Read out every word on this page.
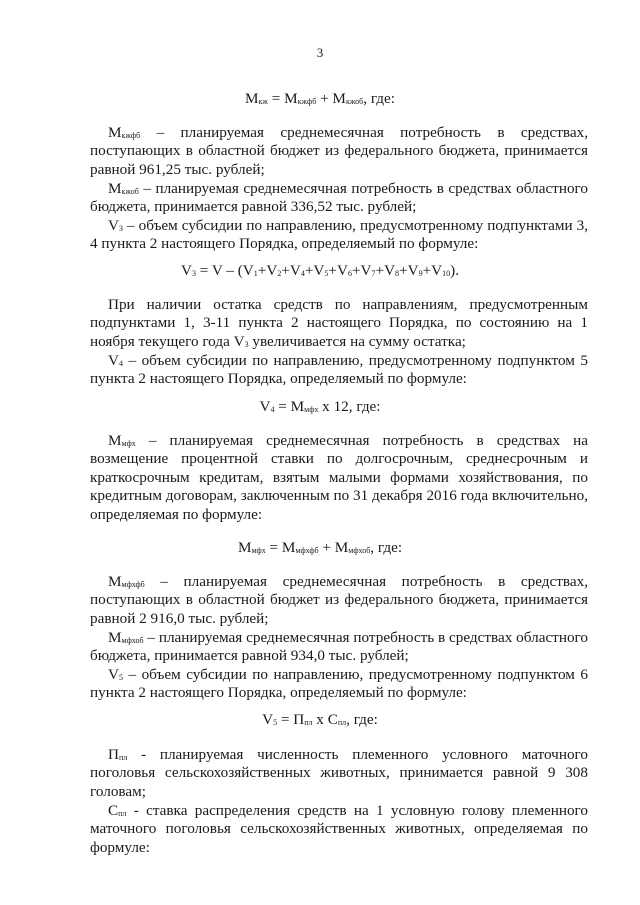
3
$М_{кж} = М_{кжфб} + М_{кжоб}$, где:
$М_{кжфб}$ – планируемая среднемесячная потребность в средствах, поступающих в областной бюджет из федерального бюджета, принимается равной 961,25 тыс. рублей;
$М_{кжоб}$ – планируемая среднемесячная потребность в средствах областного бюджета, принимается равной 336,52 тыс. рублей;
$V_3$ – объем субсидии по направлению, предусмотренному подпунктами 3, 4 пункта 2 настоящего Порядка, определяемый по формуле:
$V_3 = V - (V_1+V_2+V_4+V_5+V_6+V_7+V_8+V_9+V_{10})$.
При наличии остатка средств по направлениям, предусмотренным подпунктами 1, 3-11 пункта 2 настоящего Порядка, по состоянию на 1 ноября текущего года $V_3$ увеличивается на сумму остатка;
$V_4$ – объем субсидии по направлению, предусмотренному подпунктом 5 пункта 2 настоящего Порядка, определяемый по формуле:
$V_4 = М_{мфх}$ х 12, где:
$М_{мфх}$ – планируемая среднемесячная потребность в средствах на возмещение процентной ставки по долгосрочным, среднесрочным и краткосрочным кредитам, взятым малыми формами хозяйствования, по кредитным договорам, заключенным по 31 декабря 2016 года включительно, определяемая по формуле:
$М_{мфх} = М_{мфхфб} + М_{мфхоб}$, где:
$М_{мфхфб}$ – планируемая среднемесячная потребность в средствах, поступающих в областной бюджет из федерального бюджета, принимается равной 2 916,0 тыс. рублей;
$М_{мфхоб}$ – планируемая среднемесячная потребность в средствах областного бюджета, принимается равной 934,0 тыс. рублей;
$V_5$ – объем субсидии по направлению, предусмотренному подпунктом 6 пункта 2 настоящего Порядка, определяемый по формуле:
$V_5 = П_{пл}$ х $С_{пл}$, где:
$П_{пл}$ - планируемая численность племенного условного маточного поголовья сельскохозяйственных животных, принимается равной 9 308 головам;
$С_{пл}$ - ставка распределения средств на 1 условную голову племенного маточного поголовья сельскохозяйственных животных, определяемая по формуле:
